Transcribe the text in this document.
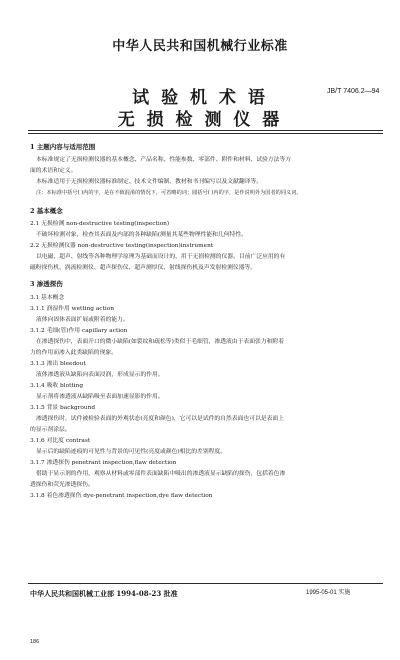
中华人民共和国机械行业标准
试 验 机 术 语	JB/T 7406.2—94
无 损 检 测 仪 器
1 主题内容与适用范围
本标准规定了无损检测仪器的基本概念、产品名称、性能参数、零部件、附件和材料、试验方法等方
面的术语和定义。
本标准适用于无损检测仪器标准制定、技术文件编制、教材和书刊编写以及文献翻译等。
注：本标准中括号( )内的字，是在不致混淆的情况下，可省略的词；圆括号( )内的字，是作说明外为国者的同义词。
2 基本概念
2.1 无损检测 non-destructive testing(inspection)
不破坏检测对象，检查其表面及内部的各种缺陷(测量其某些物理性能和几何特性。
2.2 无损检测仪器 non-destructive testing(inspection)instrument
以电磁、超声、射线等各种物理学原理为基础而设计的，用于无损检测的仪器。目前广泛应用的有
磁粉探伤机、涡流检测仪、超声探伤仪、超声测厚仪、射线探伤机及声发射检测仪器等。
3 渗透探伤
3.1 基本概念
3.1.1 润湿作用 wetting action
液体向固体表面扩展或附着的能力。
3.1.2 毛细(管)作用 capillary action
在渗透探伤中，表面开口的微小缺陷(如裂纹和疏松等)类似于毛细管，渗透液由于表面张力和附着
力的作用而渗入此类缺陷的现象。
3.1.3 渗出 bleedout
液体渗透液从缺陷向表面浸润，形成显示的作用。
3.1.4 吸收 blotting
显示剂将渗透液从缺陷吸至表面加速显影的作用。
3.1.5 背景 background
渗透探伤时，试件被检验表面的外观状态(亮度和颜色)，它可以是试件的自然表面也可以是表面上
的显示剂涂层。
3.1.6 对比度 contrast
显示后的缺陷迹痕的可见性与背景的可见性(亮度或颜色)相比的差别程度。
3.1.7 渗透探伤 penetrant inspection,flaw detection
借助于显示剂的作用，观察从材料或零部件表面缺陷中吸出的渗透液显示缺陷的探伤，包括着色渗
透探伤和荧光渗透探伤。
3.1.8 着色渗透探伤 dye-penetrant inspection,dye flaw detection
中华人民共和国机械工业部 1994-08-23 批准	1995-05-01 实施
186
